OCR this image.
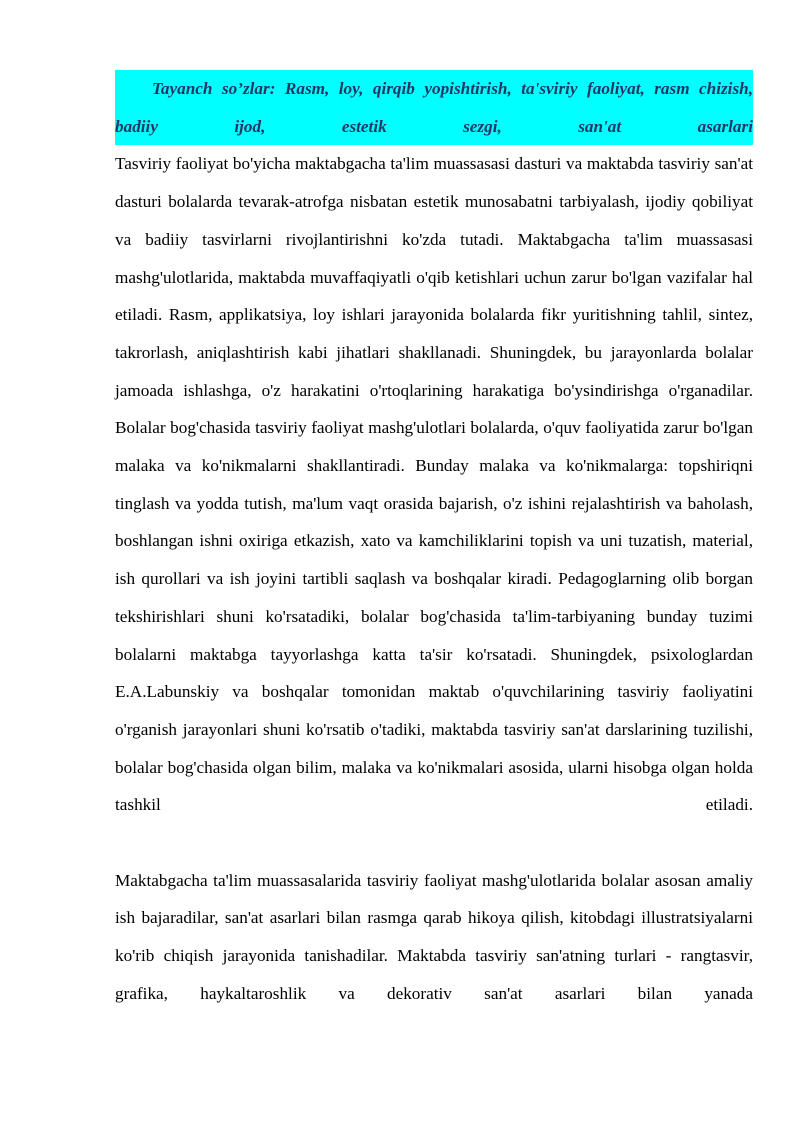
Tayanch so’zlar: Rasm, loy, qirqib yopishtirish, ta'sviriy faoliyat, rasm chizish, badiiy ijod, estetik sezgi, san'at asarlari

Tasviriy faoliyat bo'yicha maktabgacha ta'lim muassasasi dasturi va maktabda tasviriy san'at dasturi bolalarda tevarak-atrofga nisbatan estetik munosabatni tarbiyalash, ijodiy qobiliyat va badiiy tasvirlarni rivojlantirishni ko'zda tutadi. Maktabgacha ta'lim muassasasi mashg'ulotlarida, maktabda muvaffaqiyatli o'qib ketishlari uchun zarur bo'lgan vazifalar hal etiladi. Rasm, applikatsiya, loy ishlari jarayonida bolalarda fikr yuritishning tahlil, sintez, takrorlash, aniqlashtirish kabi jihatlari shakllanadi. Shuningdek, bu jarayonlarda bolalar jamoada ishlashga, o'z harakatini o'rtoqlarining harakatiga bo'ysindirishga o'rganadilar. Bolalar bog'chasida tasviriy faoliyat mashg'ulotlari bolalarda, o'quv faoliyatida zarur bo'lgan malaka va ko'nikmalarni shakllantiradi. Bunday malaka va ko'nikmalarga: topshiriqni tinglash va yodda tutish, ma'lum vaqt orasida bajarish, o'z ishini rejalashtirish va baholash, boshlangan ishni oxiriga etkazish, xato va kamchiliklarini topish va uni tuzatish, material, ish qurollari va ish joyini tartibli saqlash va boshqalar kiradi. Pedagoglarning olib borgan tekshirishlari shuni ko'rsatadiki, bolalar bog'chasida ta'lim-tarbiyaning bunday tuzimi bolalarni maktabga tayyorlashga katta ta'sir ko'rsatadi. Shuningdek, psixologlardan E.A.Labunskiy va boshqalar tomonidan maktab o'quvchilarining tasviriy faoliyatini o'rganish jarayonlari shuni ko'rsatib o'tadiki, maktabda tasviriy san'at darslarining tuzilishi, bolalar bog'chasida olgan bilim, malaka va ko'nikmalari asosida, ularni hisobga olgan holda tashkil etiladi.

Maktabgacha ta'lim muassasalarida tasviriy faoliyat mashg'ulotlarida bolalar asosan amaliy ish bajaradilar, san'at asarlari bilan rasmga qarab hikoya qilish, kitobdagi illustratsiyalarni ko'rib chiqish jarayonida tanishadilar. Maktabda tasviriy san'atning turlari - rangtasvir, grafika, haykaltaroshlik va dekorativ san'at asarlari bilan yanada
